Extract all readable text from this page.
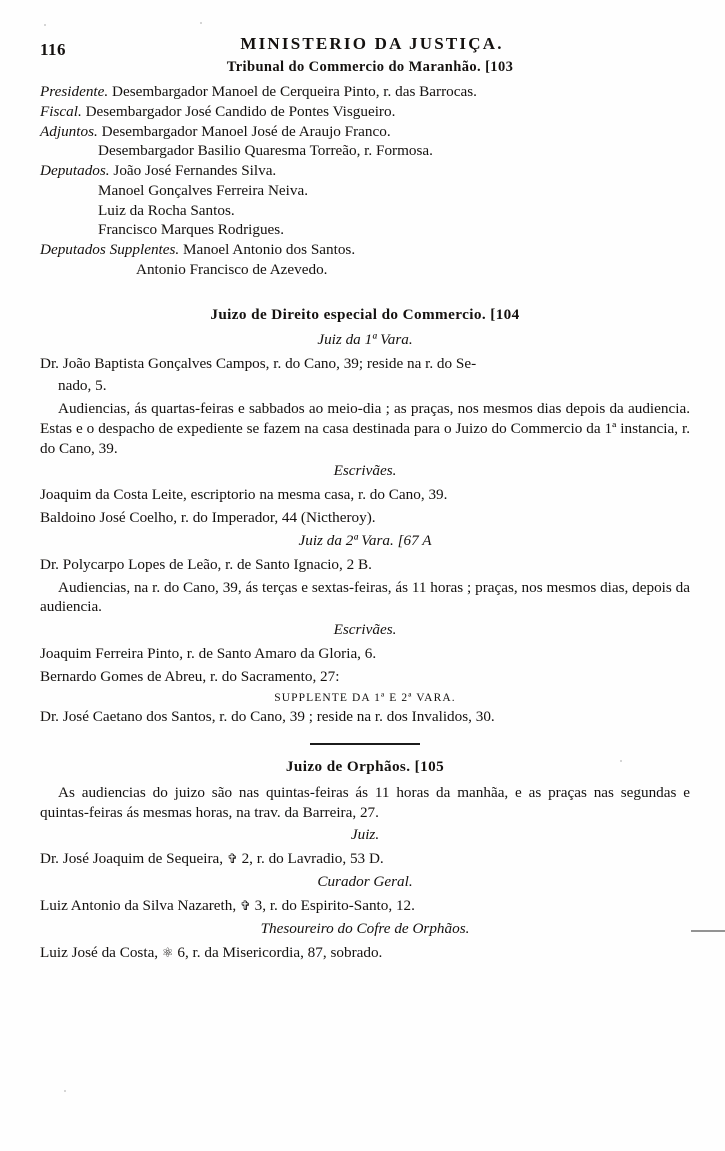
116	MINISTERIO DA JUSTIÇA.
Tribunal do Commercio do Maranhão. [103
Presidente. Desembargador Manoel de Cerqueira Pinto, r. das Barrocas.
Fiscal. Desembargador José Candido de Pontes Visgueiro.
Adjuntos. Desembargador Manoel José de Araujo Franco.
Desembargador Basilio Quaresma Torreão, r. Formosa.
Deputados. João José Fernandes Silva.
Manoel Gonçalves Ferreira Neiva.
Luiz da Rocha Santos.
Francisco Marques Rodrigues.
Deputados Supplentes. Manoel Antonio dos Santos.
Antonio Francisco de Azevedo.
Juizo de Direito especial do Commercio. [104
Juiz da 1ª Vara.
Dr. João Baptista Gonçalves Campos, r. do Cano, 39; reside na r. do Se-
nado, 5.
Audiencias, ás quartas-feiras e sabbados ao meio-dia ; as praças, nos mesmos dias depois da audiencia. Estas e o despacho de expediente se fazem na casa destinada para o Juizo do Commercio da 1ª instancia, r. do Cano, 39.
Escrivães.
Joaquim da Costa Leite, escriptorio na mesma casa, r. do Cano, 39.
Baldoino José Coelho, r. do Imperador, 44 (Nictheroy).
Juiz da 2ª Vara. [67 A
Dr. Polycarpo Lopes de Leão, r. de Santo Ignacio, 2 B.
Audiencias, na r. do Cano, 39, ás terças e sextas-feiras, ás 11 horas ; praças, nos mesmos dias, depois da audiencia.
Escrivães.
Joaquim Ferreira Pinto, r. de Santo Amaro da Gloria, 6.
Bernardo Gomes de Abreu, r. do Sacramento, 27:
SUPPLENTE DA 1ª E 2ª VARA.
Dr. José Caetano dos Santos, r. do Cano, 39 ; reside na r. dos Invalidos, 30.
Juizo de Orphãos. [105
As audiencias do juizo são nas quintas-feiras ás 11 horas da manhãa, e as praças nas segundas e quintas-feiras ás mesmas horas, na trav. da Barreira, 27.
Juiz.
Dr. José Joaquim de Sequeira, ✞ 2, r. do Lavradio, 53 D.
Curador Geral.
Luiz Antonio da Silva Nazareth, ✞ 3, r. do Espirito-Santo, 12.
Thesoureiro do Cofre de Orphãos.
Luiz José da Costa, ⚛ 6, r. da Misericordia, 87, sobrado.
